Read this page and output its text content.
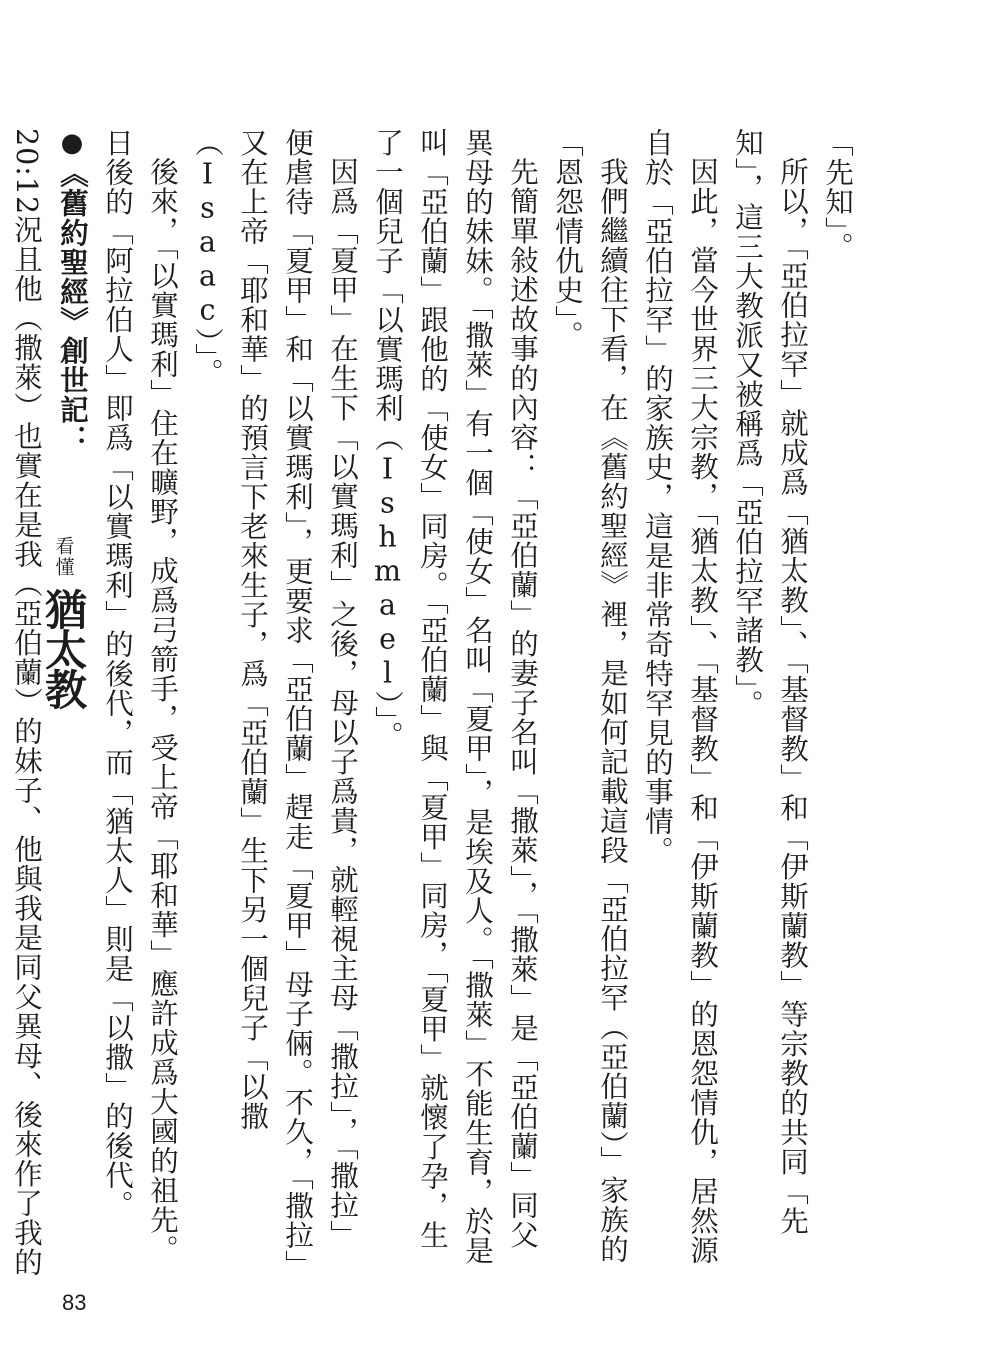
「先知」。

所以，「亞伯拉罕」就成爲「猶太教」、「基督教」和「伊斯蘭教」等宗教的共同「先知」，這三大教派又被稱爲「亞伯拉罕諸教」。

因此，當今世界三大宗教，「猶太教」、「基督教」和「伊斯蘭教」的恩怨情仇，居然源自於「亞伯拉罕」的家族史，這是非常奇特罕見的事情。

我們繼續往下看，在《舊約聖經》裡，是如何記載這段「亞伯拉罕（亞伯蘭）」家族的「恩怨情仇史」。

先簡單敍述故事的內容：「亞伯蘭」的妻子名叫「撒萊」，「撒萊」是「亞伯蘭」同父異母的妹妹。「撒萊」有一個「使女」名叫「夏甲」，是埃及人。「撒萊」不能生育，於是叫「亞伯蘭」跟他的「使女」同房。「亞伯蘭」與「夏甲」同房，「夏甲」就懷了孕，生了一個兒子「以實瑪利（Ishmael）」。

因爲「夏甲」在生下「以實瑪利」之後，母以子爲貴，就輕視主母「撒拉」，「撒拉」便虐待「夏甲」和「以實瑪利」，更要求「亞伯蘭」趕走「夏甲」母子倆。不久，「撒拉」又在上帝「耶和華」的預言下老來生子，爲「亞伯蘭」生下另一個兒子「以撒（Isaac）」。

後來，「以實瑪利」住在曠野，成爲弓箭手，受上帝「耶和華」應許成爲大國的祖先。日後的「阿拉伯人」即爲「以實瑪利」的後代，而「猶太人」則是「以撒」的後代。

●《舊約聖經》創世記：

20:12況且他（撒萊）也實在是我（亞伯蘭）的妹子、他與我是同父異母、後來作了我的

看懂
猶太教
83
